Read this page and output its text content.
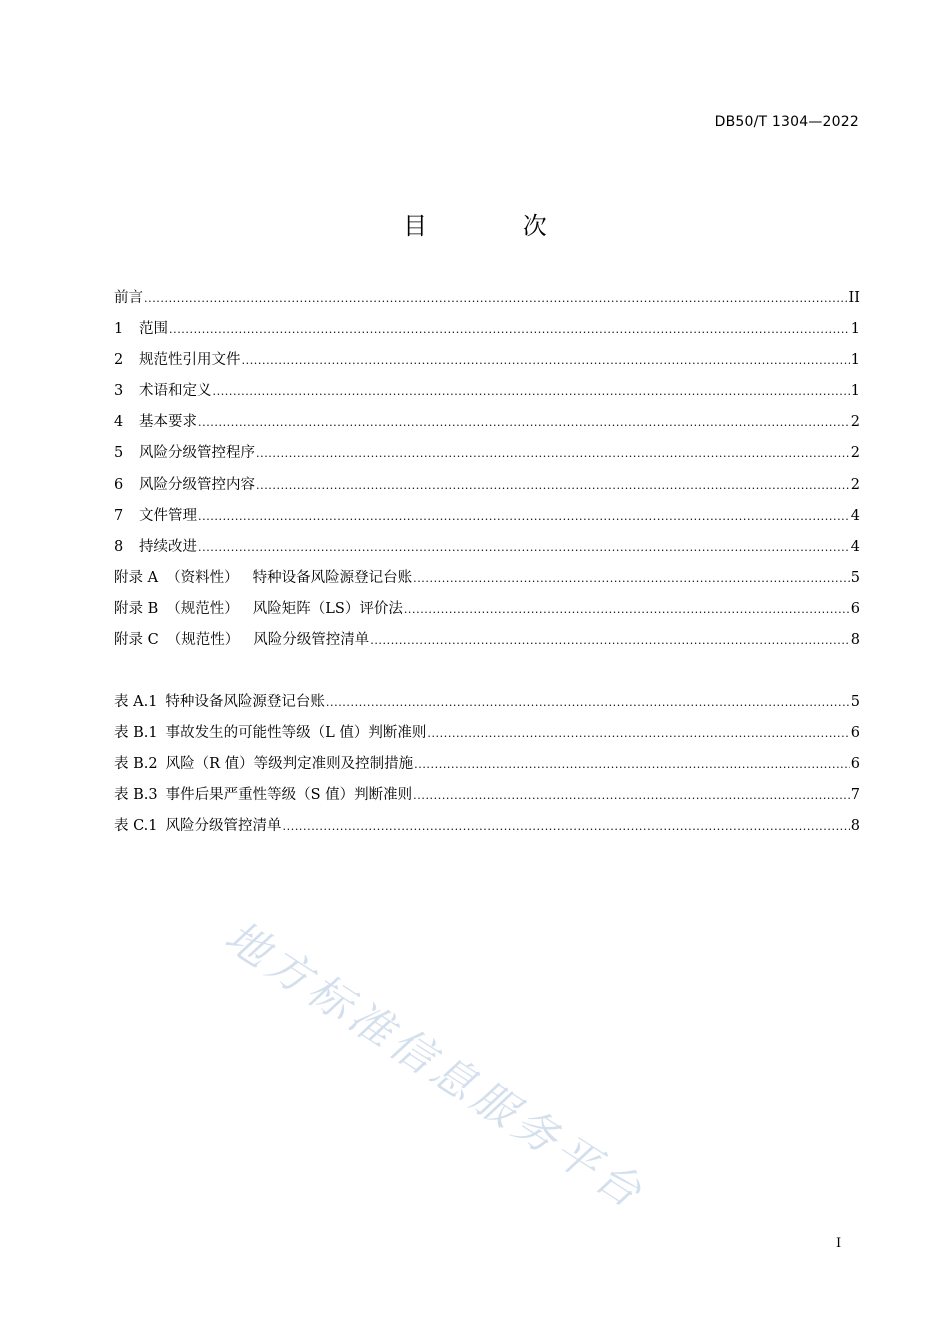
DB50/T 1304—2022
目 次
前言 .....	II
1	范围 .....	1
2	规范性引用文件 .....	1
3	术语和定义 .....	1
4	基本要求 .....	2
5	风险分级管控程序 .....	2
6	风险分级管控内容 .....	2
7	文件管理 .....	4
8	持续改进 .....	4
附录 A （资料性） 特种设备风险源登记台账 .....	5
附录 B （规范性） 风险矩阵（LS）评价法 .....	6
附录 C （规范性） 风险分级管控清单 .....	8
表 A.1 特种设备风险源登记台账 .....	5
表 B.1 事故发生的可能性等级（L 值）判断准则 .....	6
表 B.2 风险（R 值）等级判定准则及控制措施 .....	6
表 B.3 事件后果严重性等级（S 值）判断准则 .....	7
表 C.1 风险分级管控清单 .....	8
地方标准信息服务平台
I
